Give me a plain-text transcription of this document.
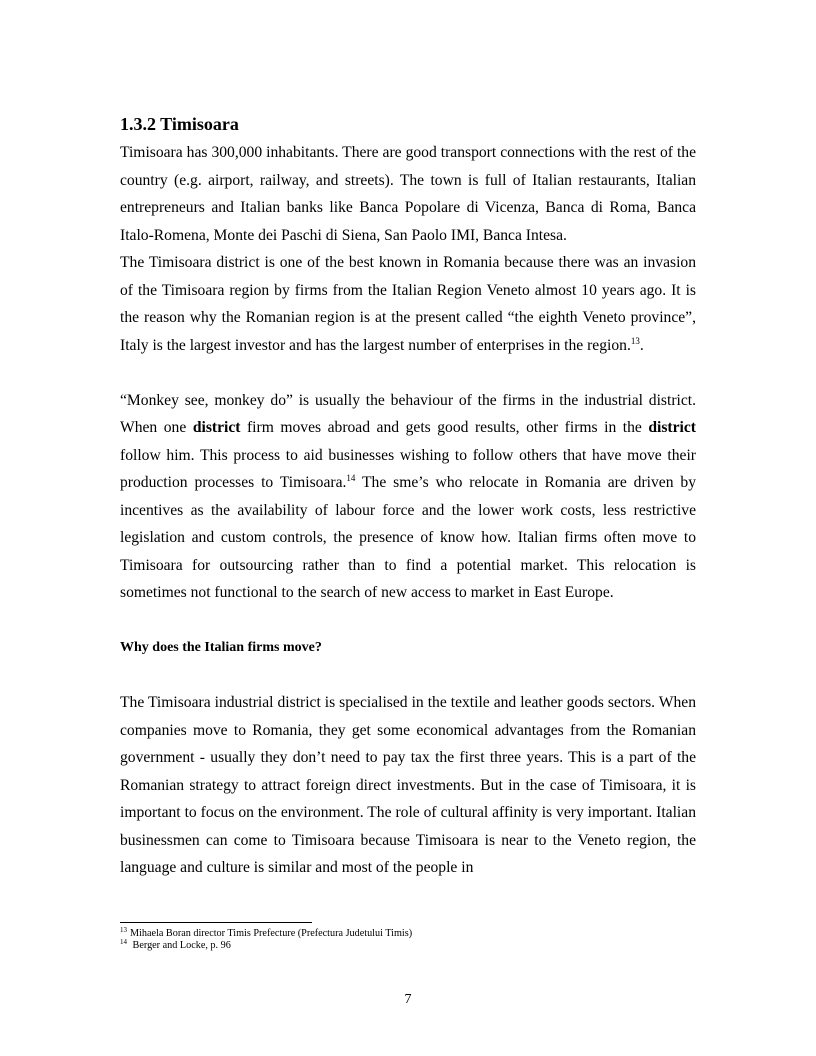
1.3.2 Timisoara

Timisoara has 300,000 inhabitants. There are good transport connections with the rest of the country (e.g. airport, railway, and streets). The town is full of Italian restaurants, Italian entrepreneurs and Italian banks like Banca Popolare di Vicenza, Banca di Roma, Banca Italo-Romena, Monte dei Paschi di Siena, San Paolo IMI, Banca Intesa.

The Timisoara district is one of the best known in Romania because there was an invasion of the Timisoara region by firms from the Italian Region Veneto almost 10 years ago. It is the reason why the Romanian region is at the present called “the eighth Veneto province”, Italy is the largest investor and has the largest number of enterprises in the region.$^{13}$.

“Monkey see, monkey do” is usually the behaviour of the firms in the industrial district. When one district firm moves abroad and gets good results, other firms in the district follow him. This process to aid businesses wishing to follow others that have move their production processes to Timisoara.$^{14}$ The sme’s who relocate in Romania are driven by incentives as the availability of labour force and the lower work costs, less restrictive legislation and custom controls, the presence of know how. Italian firms often move to Timisoara for outsourcing rather than to find a potential market. This relocation is sometimes not functional to the search of new access to market in East Europe.

Why does the Italian firms move?

The Timisoara industrial district is specialised in the textile and leather goods sectors. When companies move to Romania, they get some economical advantages from the Romanian government - usually they don’t need to pay tax the first three years. This is a part of the Romanian strategy to attract foreign direct investments. But in the case of Timisoara, it is important to focus on the environment. The role of cultural affinity is very important. Italian businessmen can come to Timisoara because Timisoara is near to the Veneto region, the language and culture is similar and most of the people in

$^{13}$ Mihaela Boran director Timis Prefecture (Prefectura Judetului Timis)

$^{14}$ Berger and Locke, p. 96

7
